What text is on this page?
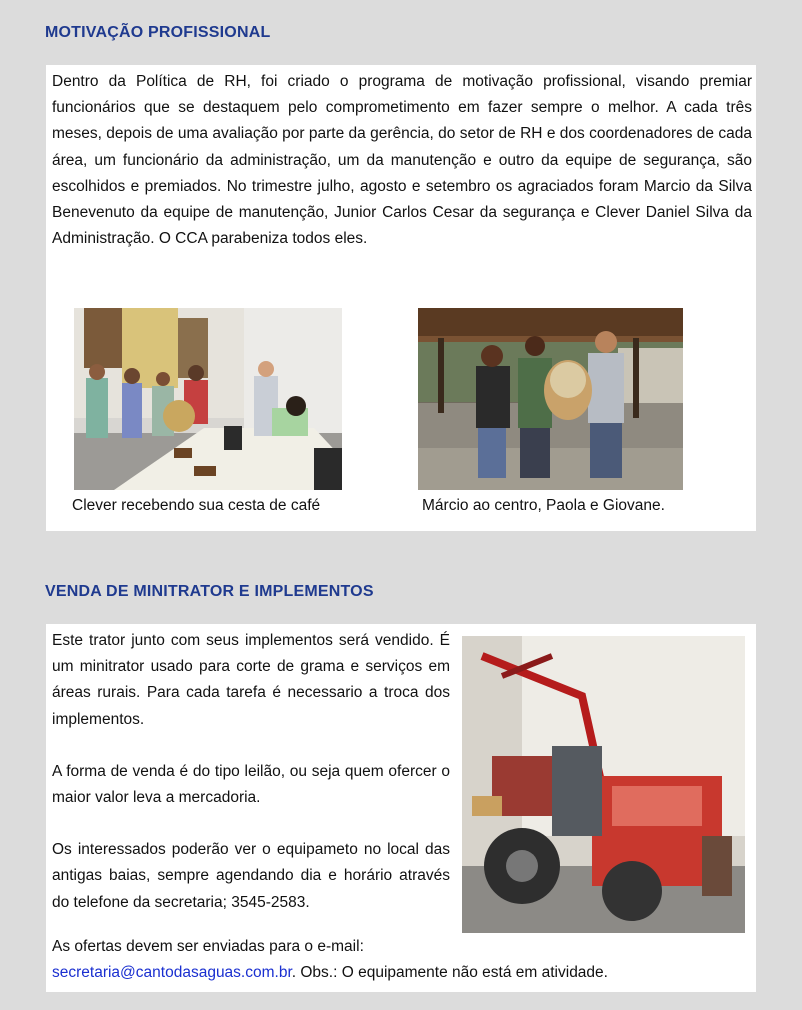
MOTIVAÇÃO PROFISSIONAL

Dentro da Política de RH, foi criado o programa de motivação profissional, visando premiar funcionários que se destaquem pelo comprometimento em fazer sempre o melhor. A cada três meses, depois de uma avaliação por parte da gerência, do setor de RH e dos coordenadores de cada área, um funcionário da administração, um da manutenção e outro da equipe de segurança, são escolhidos e premiados. No trimestre julho, agosto e setembro os agraciados foram Marcio da Silva Benevenuto da equipe de manutenção, Junior Carlos Cesar da segurança e Clever Daniel Silva da Administração. O CCA parabeniza todos eles.

Clever recebendo sua cesta de café	Márcio ao centro, Paola e Giovane.
VENDA DE MINITRATOR E IMPLEMENTOS

Este trator junto com seus implementos será vendido. É um minitrator usado para corte de grama e serviços em áreas rurais. Para cada tarefa é necessario a troca dos implementos.

A forma de venda é do tipo leilão, ou seja quem ofercer o maior valor leva a mercadoria.

Os interessados poderão ver o equipameto no local das antigas baias, sempre agendando dia e horário através do telefone da secretaria; 3545-2583.

As ofertas devem ser enviadas para o e-mail:
secretaria@cantodasaguas.com.br. Obs.: O equipamente não está em atividade.
